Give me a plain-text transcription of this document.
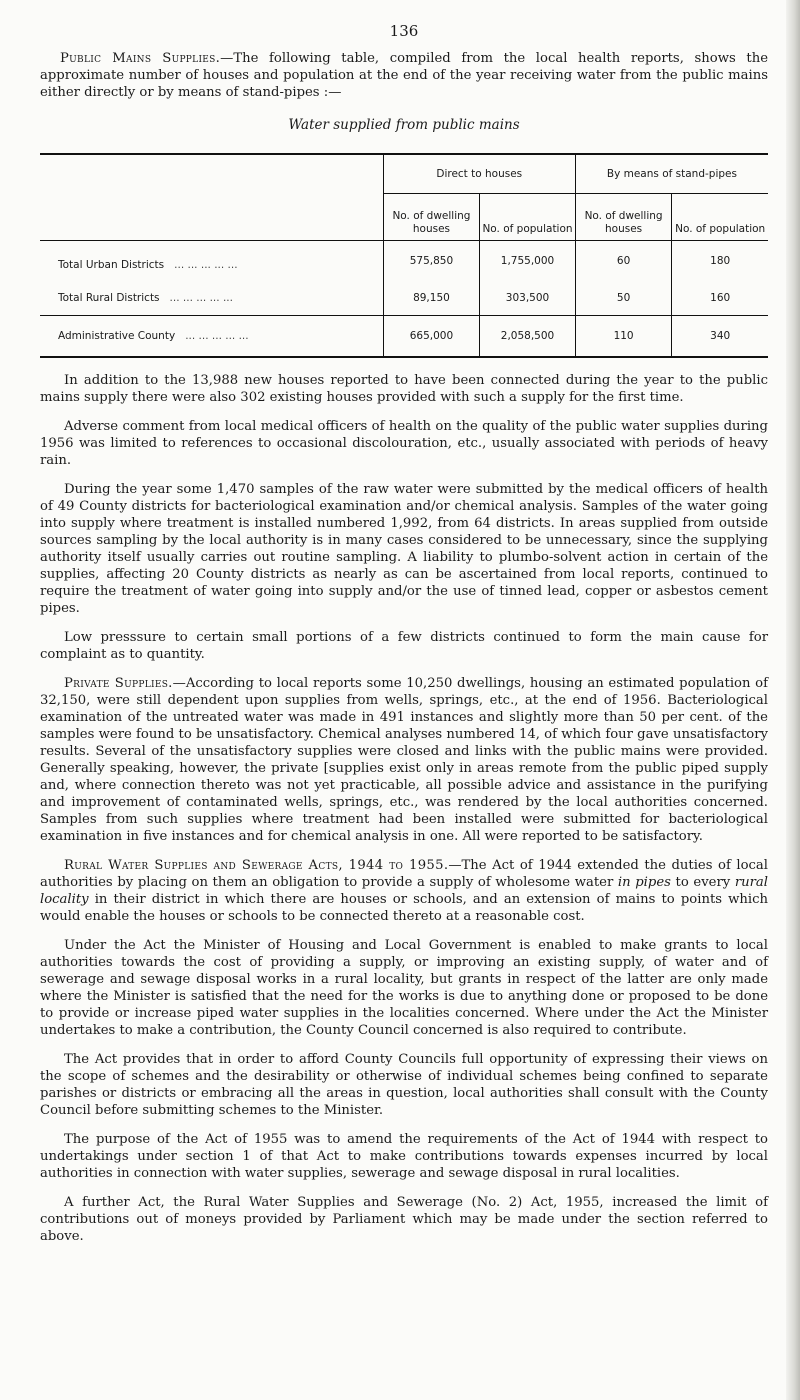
136

Public Mains Supplies.—The following table, compiled from the local health reports, shows the approximate number of houses and population at the end of the year receiving water from the public mains either directly or by means of stand-pipes :—

Water supplied from public mains
	Direct to houses		By means of stand-pipes	
	No. of dwelling houses	No. of population	No. of dwelling houses	No. of population
Total Urban Districts ... ... ... ... ...	575,850	1,755,000	60	180
Total Rural Districts ... ... ... ... ...	89,150	303,500	50	160
Administrative County ... ... ... ... ...	665,000	2,058,500	110	340

In addition to the 13,988 new houses reported to have been connected during the year to the public mains supply there were also 302 existing houses provided with such a supply for the first time.

Adverse comment from local medical officers of health on the quality of the public water supplies during 1956 was limited to references to occasional discolouration, etc., usually associated with periods of heavy rain.

During the year some 1,470 samples of the raw water were submitted by the medical officers of health of 49 County districts for bacteriological examination and/or chemical analysis. Samples of the water going into supply where treatment is installed numbered 1,992, from 64 districts. In areas supplied from outside sources sampling by the local authority is in many cases considered to be unnecessary, since the supplying authority itself usually carries out routine sampling. A liability to plumbo-solvent action in certain of the supplies, affecting 20 County districts as nearly as can be ascertained from local reports, continued to require the treatment of water going into supply and/or the use of tinned lead, copper or asbestos cement pipes.

Low presssure to certain small portions of a few districts continued to form the main cause for complaint as to quantity.

Private Supplies.—According to local reports some 10,250 dwellings, housing an estimated population of 32,150, were still dependent upon supplies from wells, springs, etc., at the end of 1956. Bacteriological examination of the untreated water was made in 491 instances and slightly more than 50 per cent. of the samples were found to be unsatisfactory. Chemical analyses numbered 14, of which four gave unsatisfactory results. Several of the unsatisfactory supplies were closed and links with the public mains were provided. Generally speaking, however, the private [supplies exist only in areas remote from the public piped supply and, where connection thereto was not yet practicable, all possible advice and assistance in the purifying and improvement of contaminated wells, springs, etc., was rendered by the local authorities concerned. Samples from such supplies where treatment had been installed were submitted for bacteriological examination in five instances and for chemical analysis in one. All were reported to be satisfactory.

Rural Water Supplies and Sewerage Acts, 1944 to 1955.—The Act of 1944 extended the duties of local authorities by placing on them an obligation to provide a supply of wholesome water in pipes to every rural locality in their district in which there are houses or schools, and an extension of mains to points which would enable the houses or schools to be connected thereto at a reasonable cost.

Under the Act the Minister of Housing and Local Government is enabled to make grants to local authorities towards the cost of providing a supply, or improving an existing supply, of water and of sewerage and sewage disposal works in a rural locality, but grants in respect of the latter are only made where the Minister is satisfied that the need for the works is due to anything done or proposed to be done to provide or increase piped water supplies in the localities concerned. Where under the Act the Minister undertakes to make a contribution, the County Council concerned is also required to contribute.

The Act provides that in order to afford County Councils full opportunity of expressing their views on the scope of schemes and the desirability or otherwise of individual schemes being confined to separate parishes or districts or embracing all the areas in question, local authorities shall consult with the County Council before submitting schemes to the Minister.

The purpose of the Act of 1955 was to amend the requirements of the Act of 1944 with respect to undertakings under section 1 of that Act to make contributions towards expenses incurred by local authorities in connection with water supplies, sewerage and sewage disposal in rural localities.

A further Act, the Rural Water Supplies and Sewerage (No. 2) Act, 1955, increased the limit of contributions out of moneys provided by Parliament which may be made under the section referred to above.
